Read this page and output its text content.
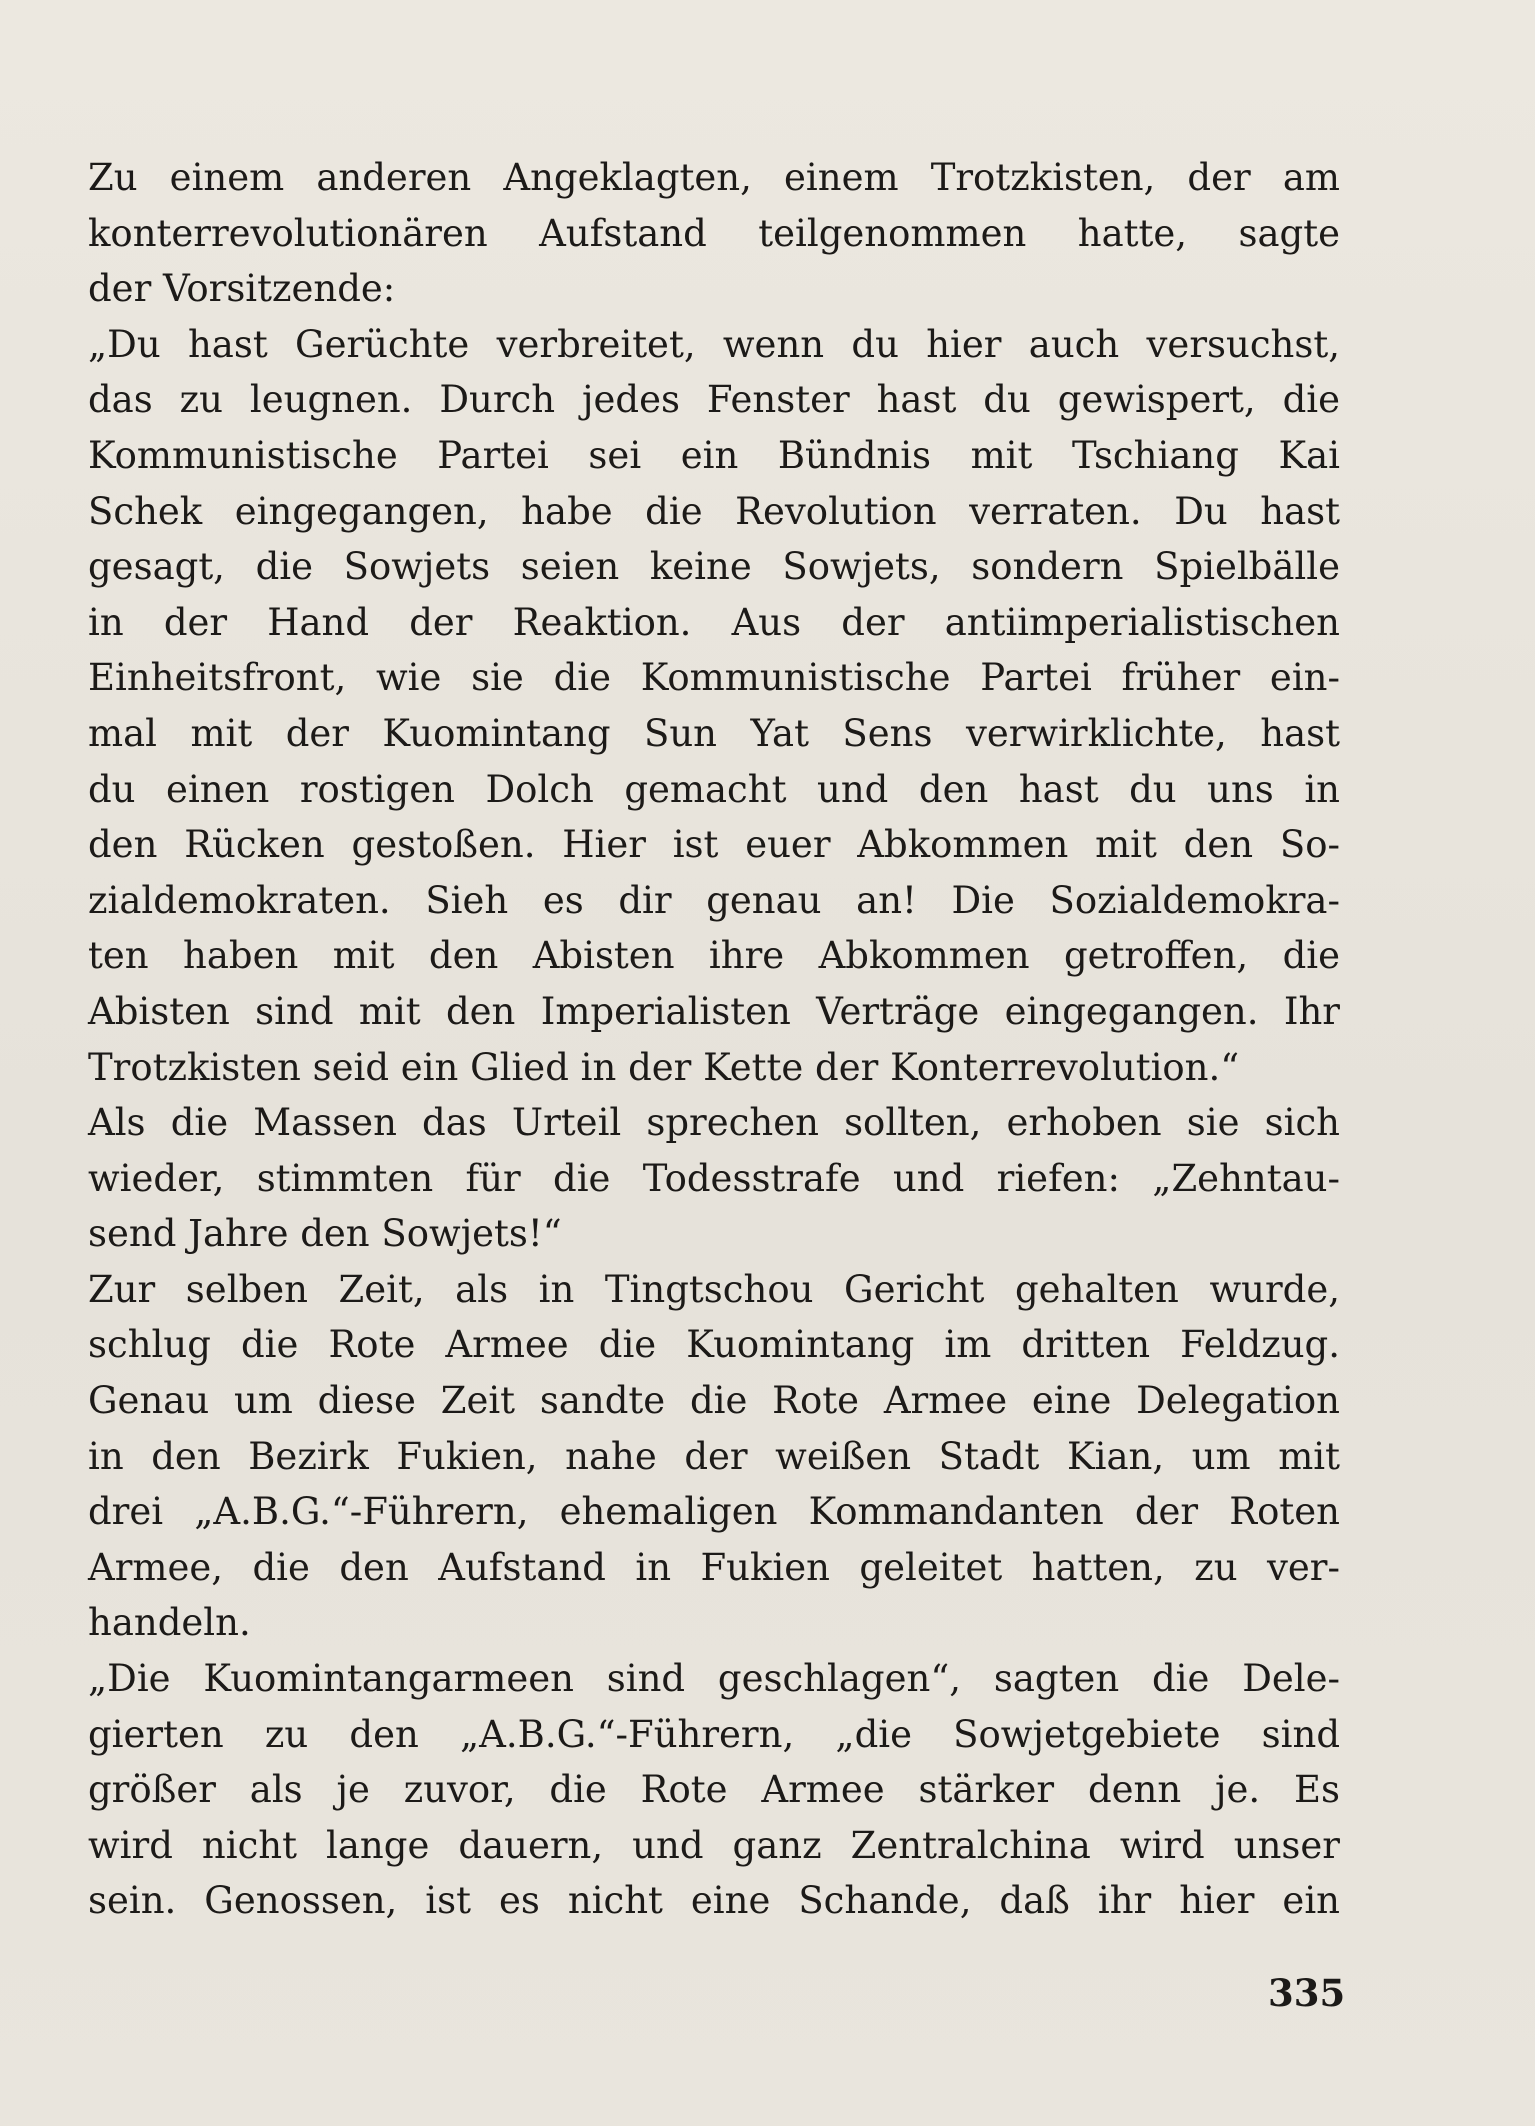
Zu einem anderen Angeklagten, einem Trotzkisten, der am
konterrevolutionären Aufstand teilgenommen hatte, sagte
der Vorsitzende:
„Du hast Gerüchte verbreitet, wenn du hier auch versuchst,
das zu leugnen. Durch jedes Fenster hast du gewispert, die
Kommunistische Partei sei ein Bündnis mit Tschiang Kai
Schek eingegangen, habe die Revolution verraten. Du hast
gesagt, die Sowjets seien keine Sowjets, sondern Spielbälle
in der Hand der Reaktion. Aus der antiimperialistischen
Einheitsfront, wie sie die Kommunistische Partei früher ein-
mal mit der Kuomintang Sun Yat Sens verwirklichte, hast
du einen rostigen Dolch gemacht und den hast du uns in
den Rücken gestoßen. Hier ist euer Abkommen mit den So-
zialdemokraten. Sieh es dir genau an! Die Sozialdemokra-
ten haben mit den Abisten ihre Abkommen getroffen, die
Abisten sind mit den Imperialisten Verträge eingegangen. Ihr
Trotzkisten seid ein Glied in der Kette der Konterrevolution.“
Als die Massen das Urteil sprechen sollten, erhoben sie sich
wieder, stimmten für die Todesstrafe und riefen: „Zehntau-
send Jahre den Sowjets!“
Zur selben Zeit, als in Tingtschou Gericht gehalten wurde,
schlug die Rote Armee die Kuomintang im dritten Feldzug.
Genau um diese Zeit sandte die Rote Armee eine Delegation
in den Bezirk Fukien, nahe der weißen Stadt Kian, um mit
drei „A.B.G.“-Führern, ehemaligen Kommandanten der Roten
Armee, die den Aufstand in Fukien geleitet hatten, zu ver-
handeln.
„Die Kuomintangarmeen sind geschlagen“, sagten die Dele-
gierten zu den „A.B.G.“-Führern, „die Sowjetgebiete sind
größer als je zuvor, die Rote Armee stärker denn je. Es
wird nicht lange dauern, und ganz Zentralchina wird unser
sein. Genossen, ist es nicht eine Schande, daß ihr hier ein
335
